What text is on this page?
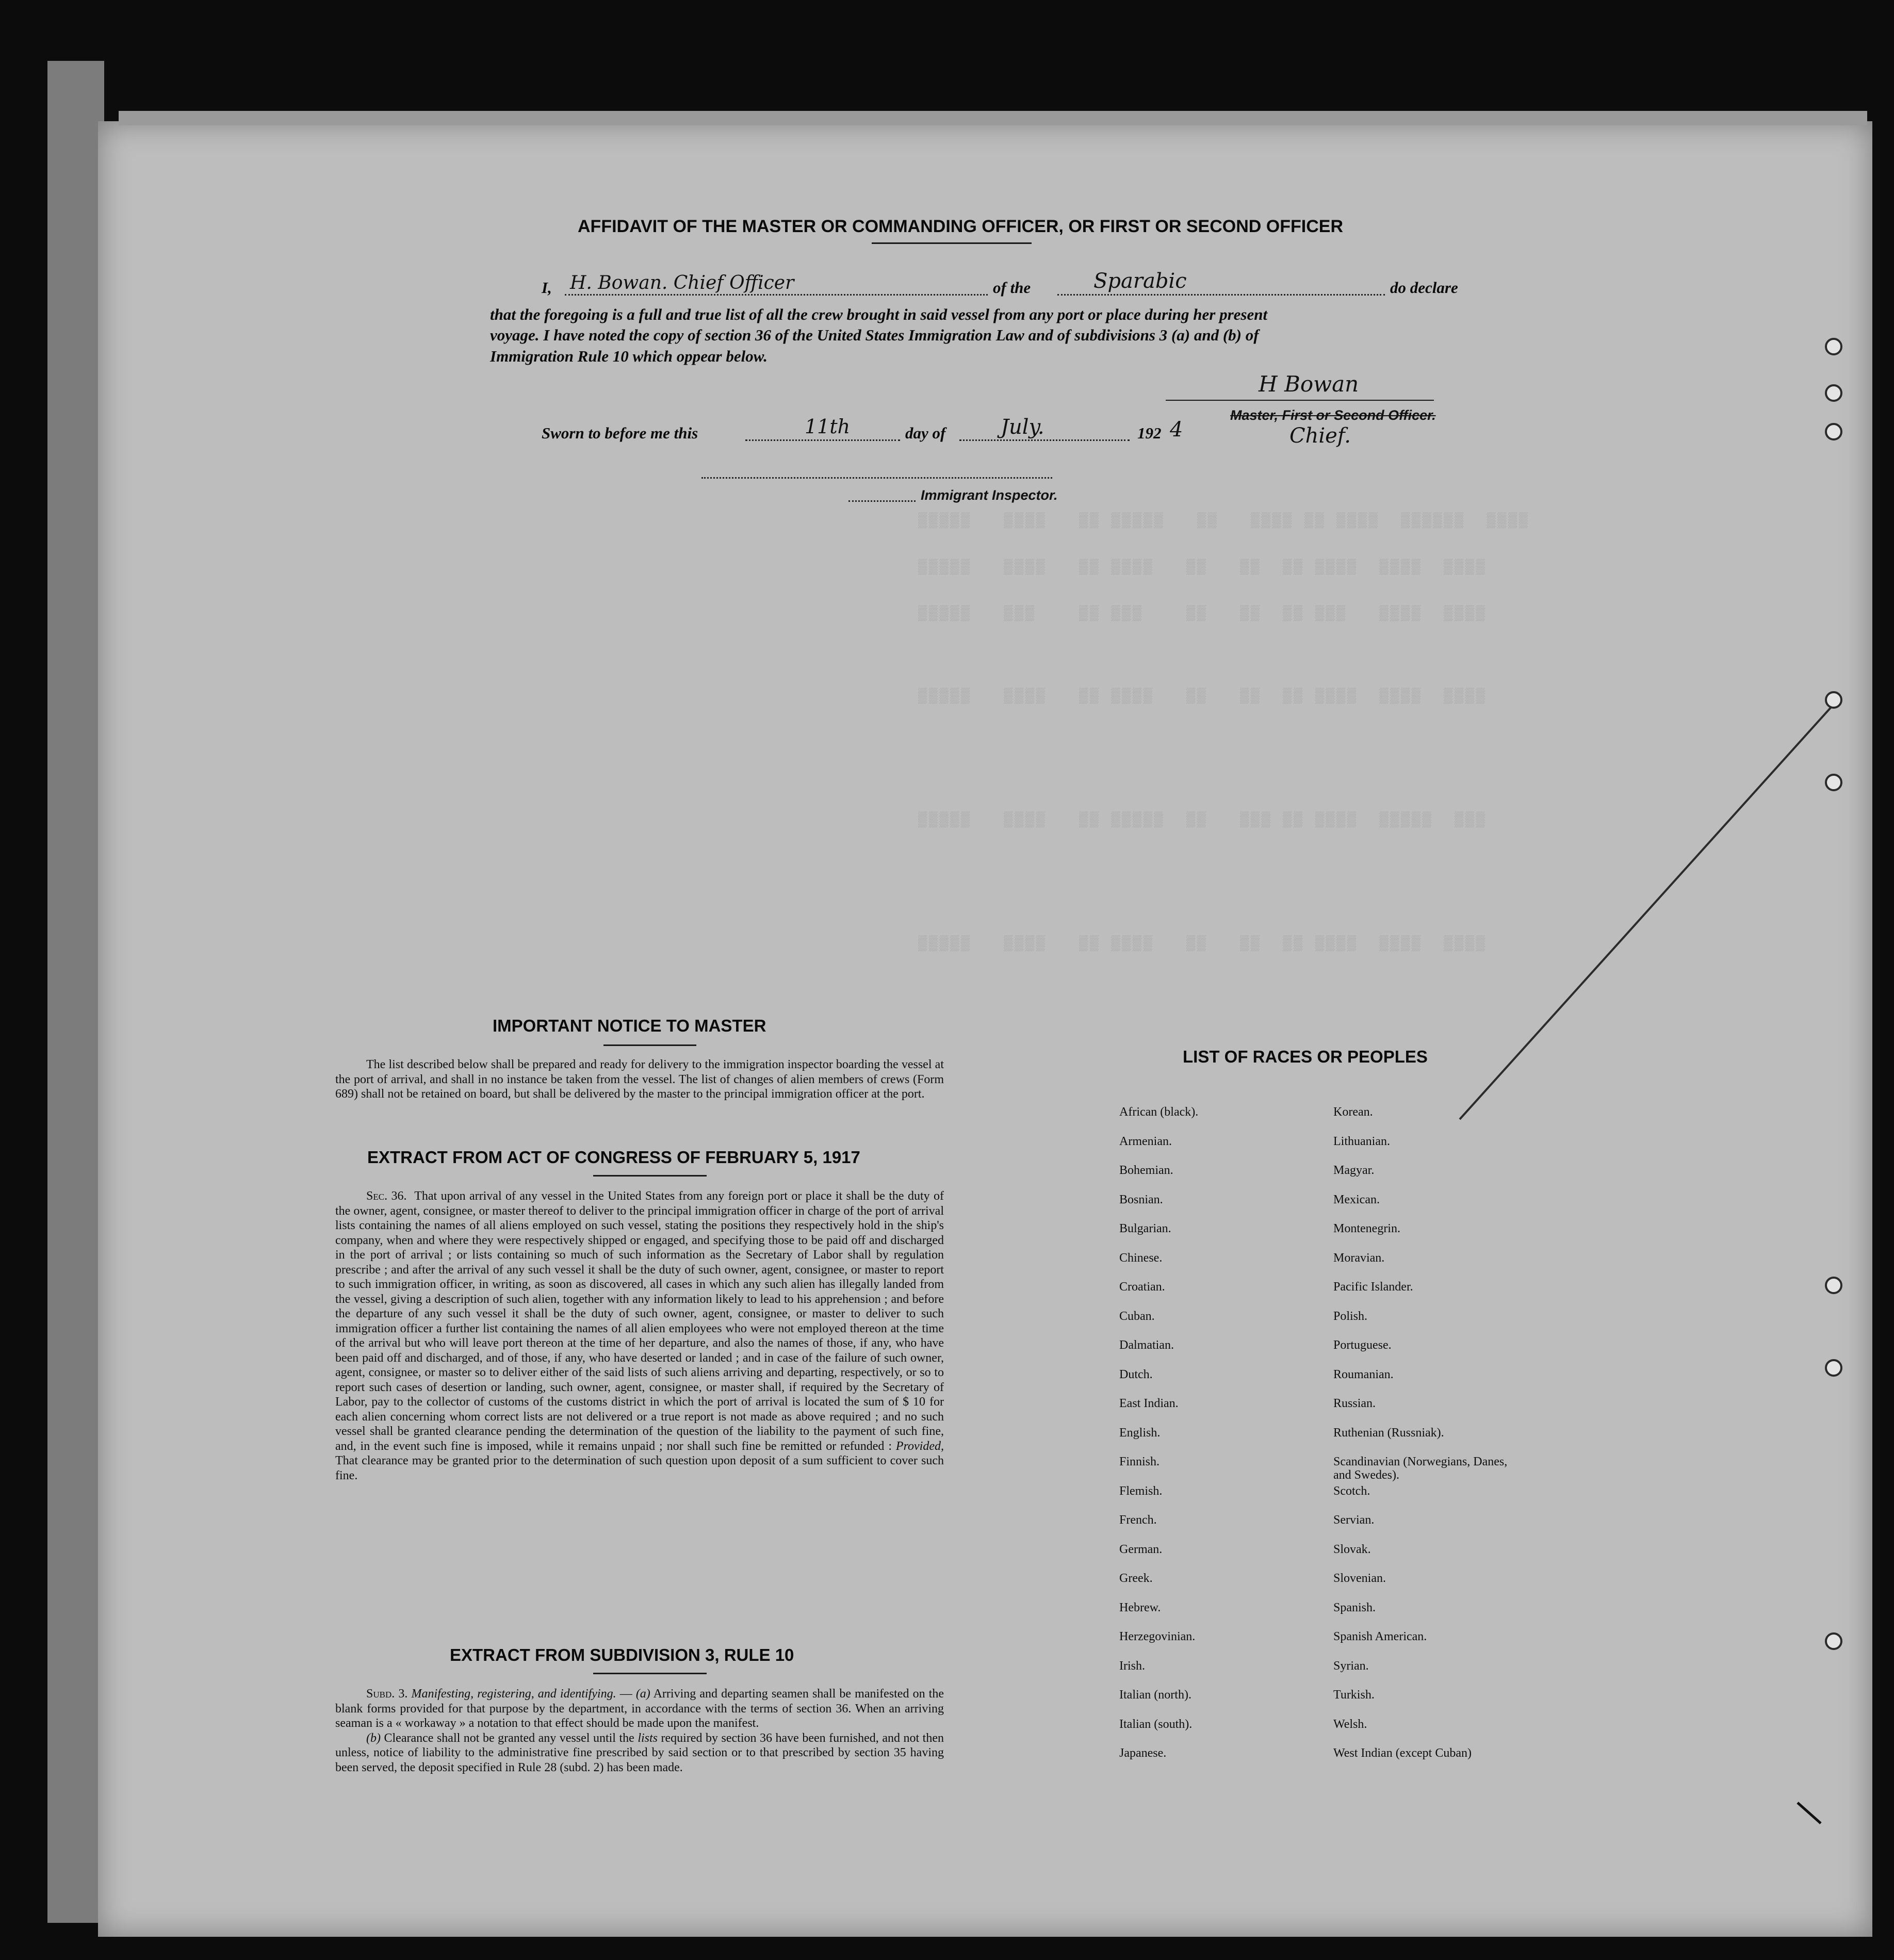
▒▒▒▒▒   ▒▒▒▒   ▒▒ ▒▒▒▒▒   ▒▒   ▒▒▒▒ ▒▒ ▒▒▒▒  ▒▒▒▒▒▒  ▒▒▒▒
▒▒▒▒▒   ▒▒▒▒   ▒▒ ▒▒▒▒   ▒▒   ▒▒  ▒▒ ▒▒▒▒  ▒▒▒▒  ▒▒▒▒
▒▒▒▒▒   ▒▒▒    ▒▒ ▒▒▒    ▒▒   ▒▒  ▒▒ ▒▒▒   ▒▒▒▒  ▒▒▒▒
▒▒▒▒▒   ▒▒▒▒   ▒▒ ▒▒▒▒   ▒▒   ▒▒  ▒▒ ▒▒▒▒  ▒▒▒▒  ▒▒▒▒
▒▒▒▒▒   ▒▒▒▒   ▒▒ ▒▒▒▒▒  ▒▒   ▒▒▒ ▒▒ ▒▒▒▒  ▒▒▒▒▒  ▒▒▒
▒▒▒▒▒   ▒▒▒▒   ▒▒ ▒▒▒▒   ▒▒   ▒▒  ▒▒ ▒▒▒▒  ▒▒▒▒  ▒▒▒▒
AFFIDAVIT OF THE MASTER OR COMMANDING OFFICER, OR FIRST OR SECOND OFFICER
I, H. Bowan. Chief Officer	of the	Sparabic	do declare
that the foregoing is a full and true list of all the crew brought in said vessel from any port or place during her present
voyage. I have noted the copy of section 36 of the United States Immigration Law and of subdivisions 3 (a) and (b) of
Immigration Rule 10 which oppear below.
H Bowan
Master, First or Second Officer.
Chief.
Sworn to before me this	11th	day of	July.	192 4
Immigrant Inspector.
IMPORTANT NOTICE TO MASTER

The list described below shall be prepared and ready for delivery to the immigration inspector boarding the vessel at the port of arrival, and shall in no instance be taken from the vessel. The list of changes of alien members of crews (Form 689) shall not be retained on board, but shall be delivered by the master to the principal immigration officer at the port.

EXTRACT FROM ACT OF CONGRESS OF FEBRUARY 5, 1917

Sec. 36. That upon arrival of any vessel in the United States from any foreign port or place it shall be the duty of the owner, agent, consignee, or master thereof to deliver to the principal immigration officer in charge of the port of arrival lists containing the names of all aliens employed on such vessel, stating the positions they respectively hold in the ship's company, when and where they were respectively shipped or engaged, and specifying those to be paid off and discharged in the port of arrival ; or lists containing so much of such information as the Secretary of Labor shall by regulation prescribe ; and after the arrival of any such vessel it shall be the duty of such owner, agent, consignee, or master to report to such immigration officer, in writing, as soon as discovered, all cases in which any such alien has illegally landed from the vessel, giving a description of such alien, together with any information likely to lead to his apprehension ; and before the departure of any such vessel it shall be the duty of such owner, agent, consignee, or master to deliver to such immigration officer a further list containing the names of all alien employees who were not employed thereon at the time of the arrival but who will leave port thereon at the time of her departure, and also the names of those, if any, who have been paid off and discharged, and of those, if any, who have deserted or landed ; and in case of the failure of such owner, agent, consignee, or master so to deliver either of the said lists of such aliens arriving and departing, respectively, or so to report such cases of desertion or landing, such owner, agent, consignee, or master shall, if required by the Secretary of Labor, pay to the collector of customs of the customs district in which the port of arrival is located the sum of $ 10 for each alien concerning whom correct lists are not delivered or a true report is not made as above required ; and no such vessel shall be granted clearance pending the determination of the question of the liability to the payment of such fine, and, in the event such fine is imposed, while it remains unpaid ; nor shall such fine be remitted or refunded : Provided, That clearance may be granted prior to the determination of such question upon deposit of a sum sufficient to cover such fine.

EXTRACT FROM SUBDIVISION 3, RULE 10

Subd. 3. Manifesting, registering, and identifying. — (a) Arriving and departing seamen shall be manifested on the blank forms provided for that purpose by the department, in accordance with the terms of section 36. When an arriving seaman is a « workaway » a notation to that effect should be made upon the manifest.

(b) Clearance shall not be granted any vessel until the lists required by section 36 have been furnished, and not then unless, notice of liability to the administrative fine prescribed by said section or to that prescribed by section 35 having been served, the deposit specified in Rule 28 (subd. 2) has been made.

LIST OF RACES OR PEOPLES
African (black).
Armenian.
Bohemian.
Bosnian.
Bulgarian.
Chinese.
Croatian.
Cuban.
Dalmatian.
Dutch.
East Indian.
English.
Finnish.
Flemish.
French.
German.
Greek.
Hebrew.
Herzegovinian.
Irish.
Italian (north).
Italian (south).
Japanese.
Korean.
Lithuanian.
Magyar.
Mexican.
Montenegrin.
Moravian.
Pacific Islander.
Polish.
Portuguese.
Roumanian.
Russian.
Ruthenian (Russniak).
Scandinavian (Norwegians, Danes, and Swedes).
Scotch.
Servian.
Slovak.
Slovenian.
Spanish.
Spanish American.
Syrian.
Turkish.
Welsh.
West Indian (except Cuban)
